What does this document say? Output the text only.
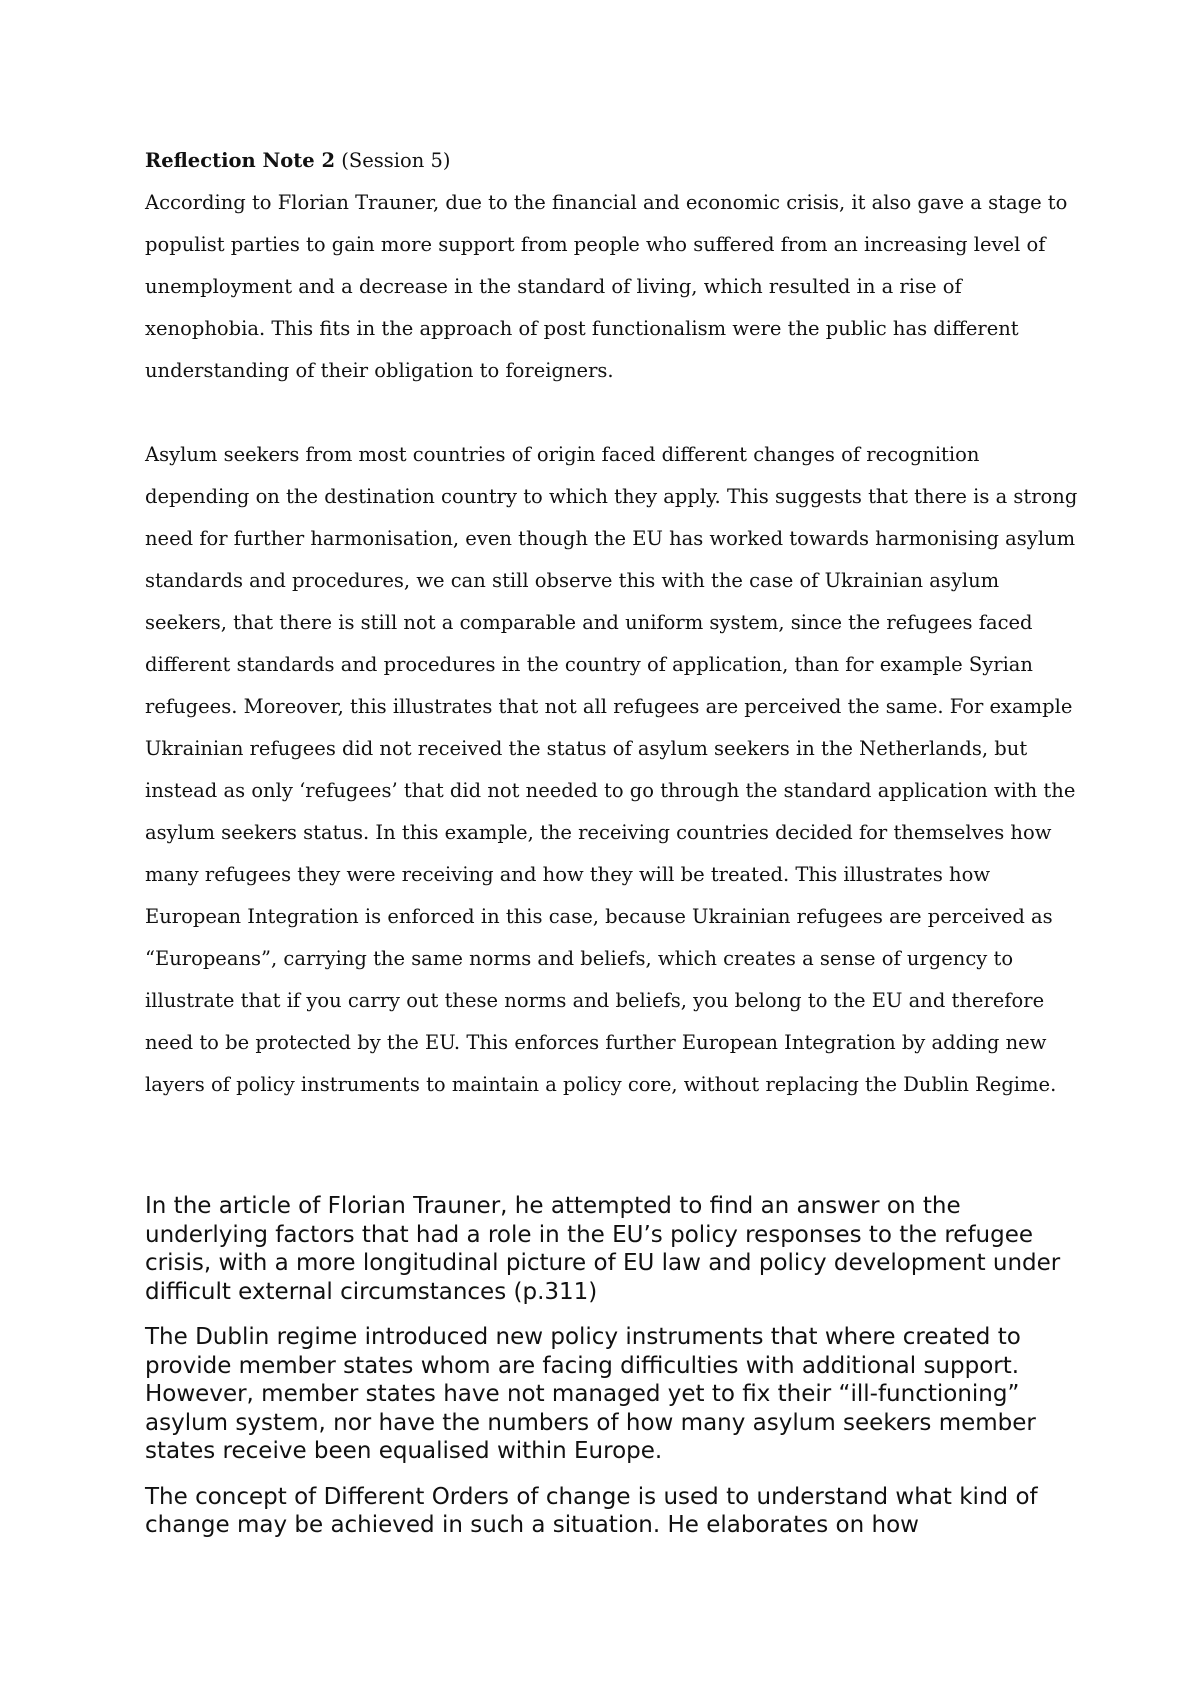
Reflection Note 2 (Session 5)

According to Florian Trauner, due to the financial and economic crisis, it also gave a stage to populist parties to gain more support from people who suffered from an increasing level of unemployment and a decrease in the standard of living, which resulted in a rise of xenophobia. This fits in the approach of post functionalism were the public has different understanding of their obligation to foreigners.

Asylum seekers from most countries of origin faced different changes of recognition depending on the destination country to which they apply. This suggests that there is a strong need for further harmonisation, even though the EU has worked towards harmonising asylum standards and procedures, we can still observe this with the case of Ukrainian asylum seekers, that there is still not a comparable and uniform system, since the refugees faced different standards and procedures in the country of application, than for example Syrian refugees. Moreover, this illustrates that not all refugees are perceived the same. For example Ukrainian refugees did not received the status of asylum seekers in the Netherlands, but instead as only ‘refugees’ that did not needed to go through the standard application with the asylum seekers status. In this example, the receiving countries decided for themselves how many refugees they were receiving and how they will be treated. This illustrates how European Integration is enforced in this case, because Ukrainian refugees are perceived as “Europeans”, carrying the same norms and beliefs, which creates a sense of urgency to illustrate that if you carry out these norms and beliefs, you belong to the EU and therefore need to be protected by the EU. This enforces further European Integration by adding new layers of policy instruments to maintain a policy core, without replacing the Dublin Regime.

In the article of Florian Trauner, he attempted to find an answer on the underlying factors that had a role in the EU’s policy responses to the refugee crisis, with a more longitudinal picture of EU law and policy development under difficult external circumstances (p.311)

The Dublin regime introduced new policy instruments that where created to provide member states whom are facing difficulties with additional support. However, member states have not managed yet to fix their “ill-functioning” asylum system, nor have the numbers of how many asylum seekers member states receive been equalised within Europe.

The concept of Different Orders of change is used to understand what kind of change may be achieved in such a situation. He elaborates on how
